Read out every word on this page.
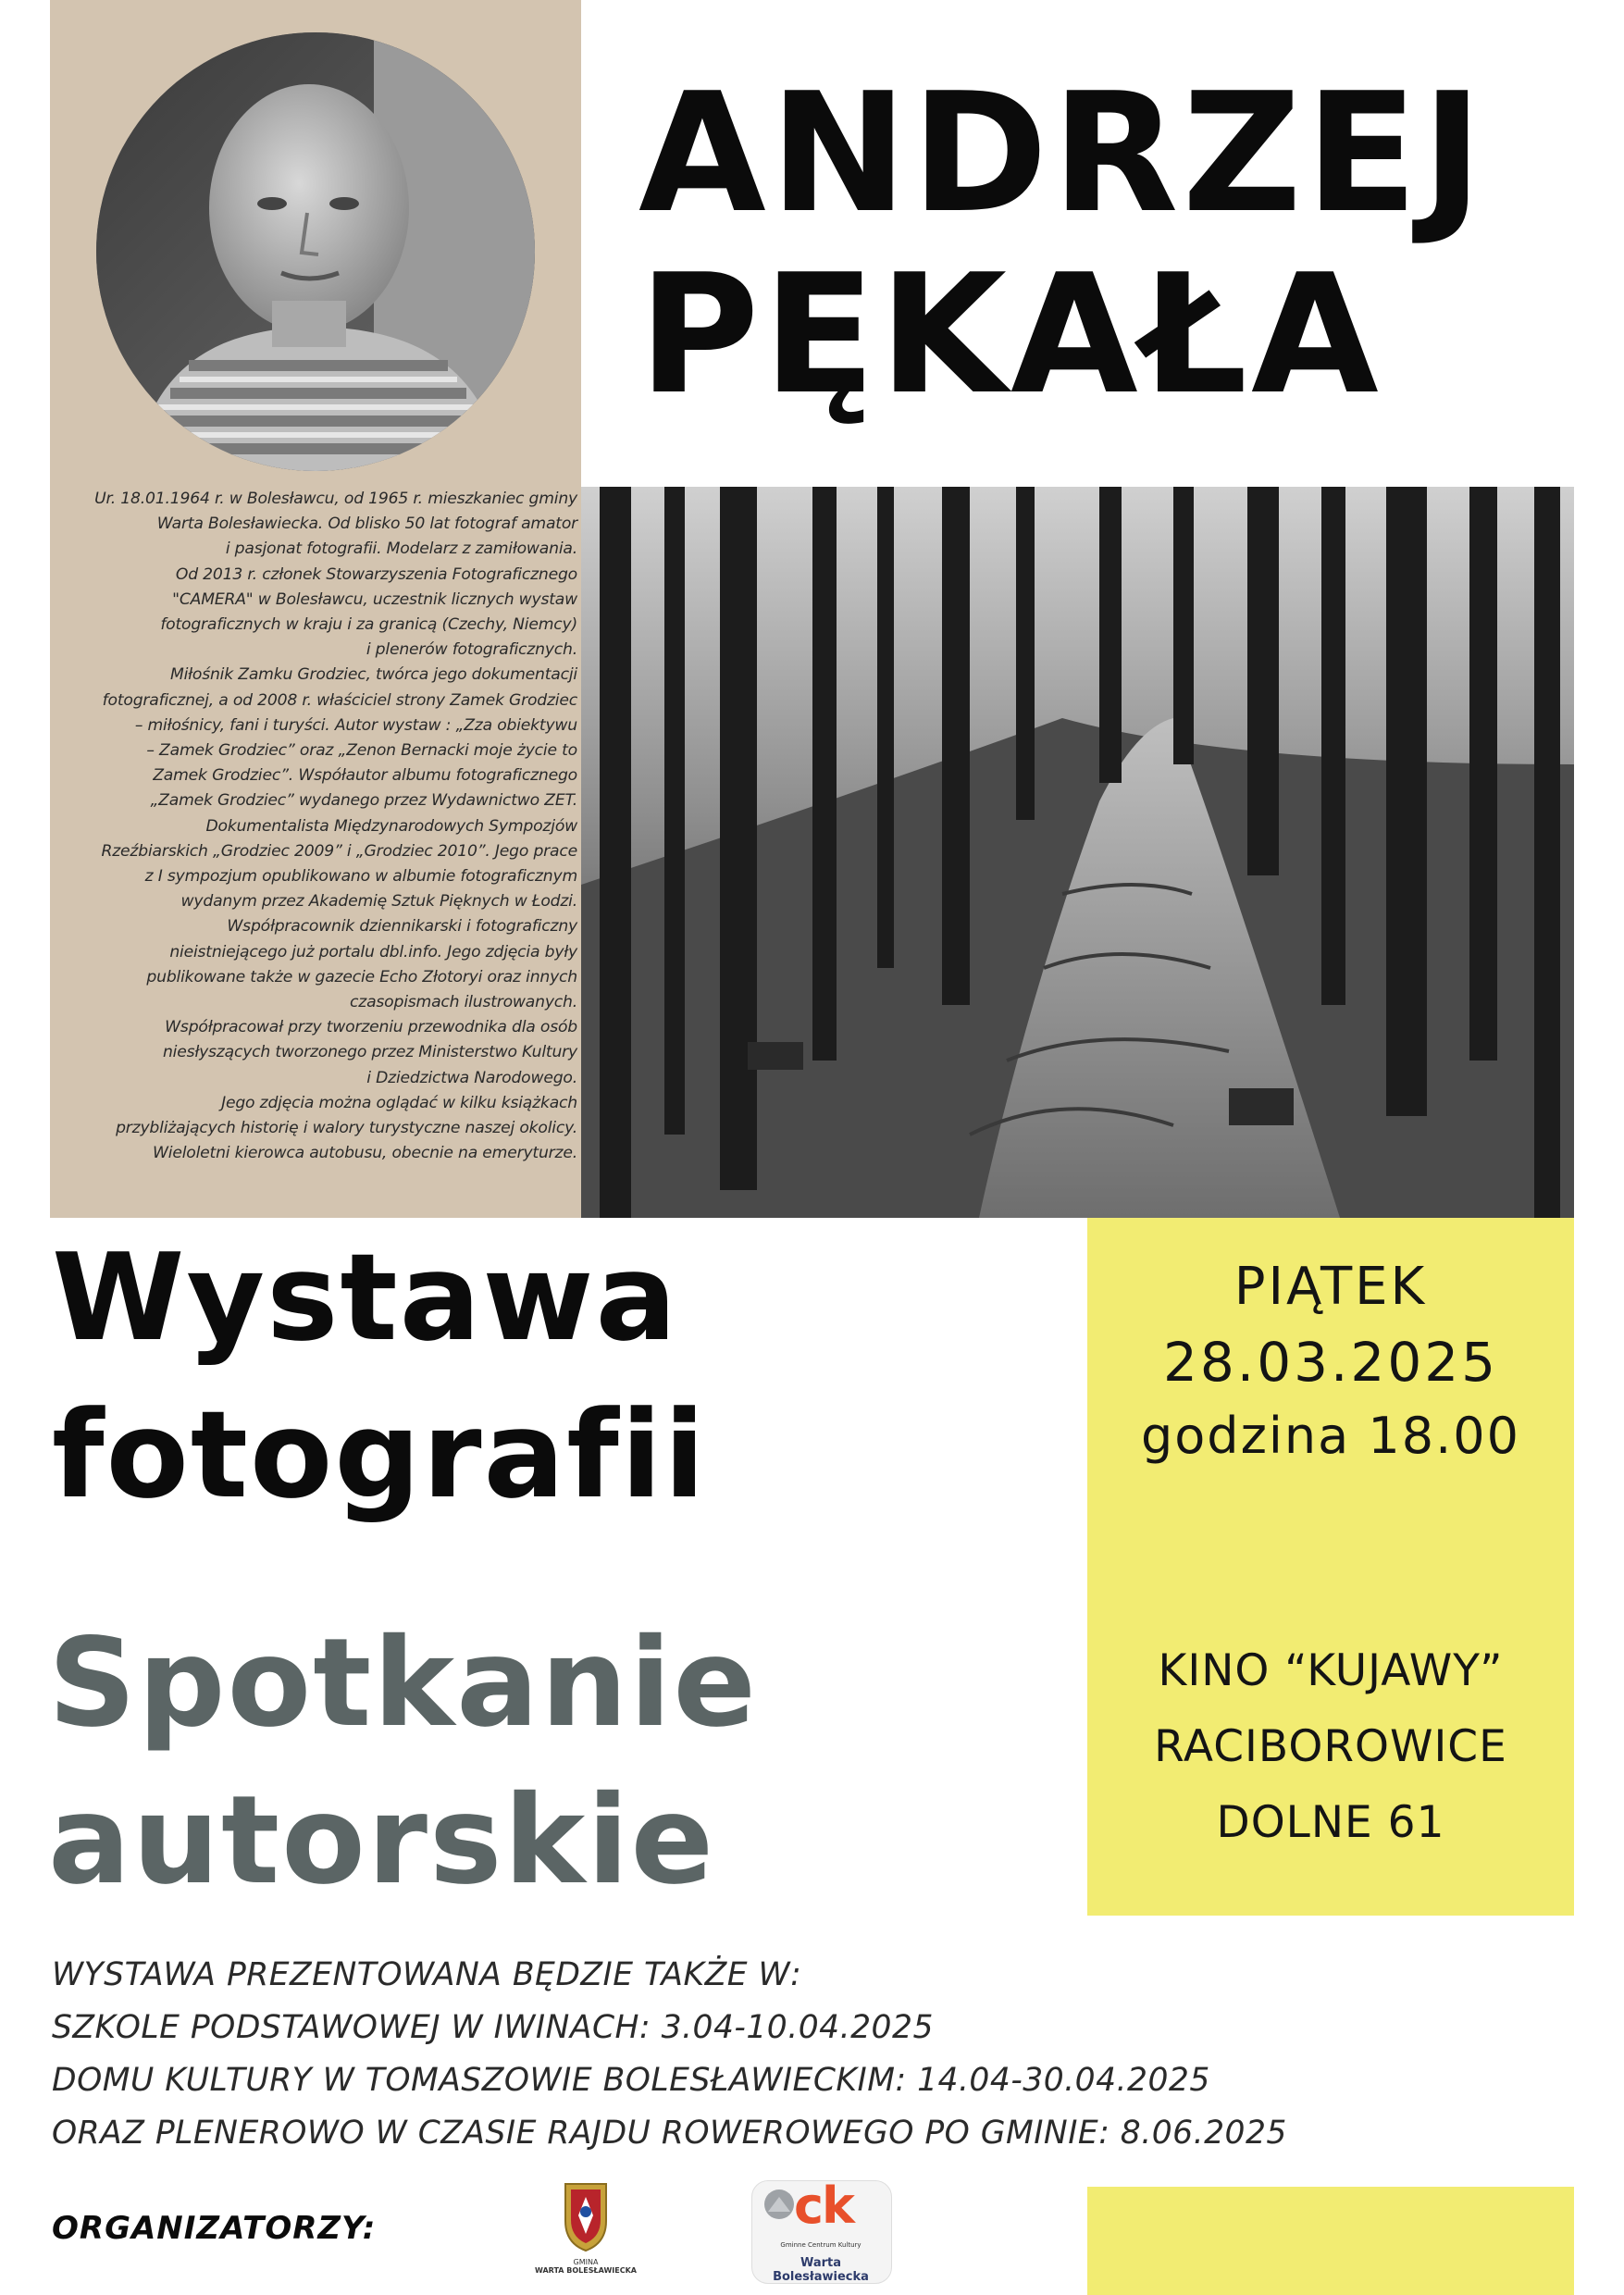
Ur. 18.01.1964 r. w Bolesławcu, od 1965 r. mieszkaniec gminy
Warta Bolesławiecka. Od blisko 50 lat fotograf amator
i pasjonat fotografii. Modelarz z zamiłowania.
Od 2013 r. członek Stowarzyszenia Fotograficznego
"CAMERA" w Bolesławcu, uczestnik licznych wystaw
fotograficznych w kraju i za granicą (Czechy, Niemcy)
i plenerów fotograficznych.
Miłośnik Zamku Grodziec, twórca jego dokumentacji
fotograficznej, a od 2008 r. właściciel strony Zamek Grodziec
– miłośnicy, fani i turyści. Autor wystaw : „Zza obiektywu
– Zamek Grodziec” oraz „Zenon Bernacki moje życie to
Zamek Grodziec”. Współautor albumu fotograficznego
„Zamek Grodziec” wydanego przez Wydawnictwo ZET.
Dokumentalista Międzynarodowych Sympozjów
Rzeźbiarskich „Grodziec 2009” i „Grodziec 2010”. Jego prace
z I sympozjum opublikowano w albumie fotograficznym
wydanym przez Akademię Sztuk Pięknych w Łodzi.
Współpracownik dziennikarski i fotograficzny
nieistniejącego już portalu dbl.info. Jego zdjęcia były
publikowane także w gazecie Echo Złotoryi oraz innych
czasopismach ilustrowanych.
Współpracował przy tworzeniu przewodnika dla osób
niesłyszących tworzonego przez Ministerstwo Kultury
i Dziedzictwa Narodowego.
Jego zdjęcia można oglądać w kilku książkach
przybliżających historię i walory turystyczne naszej okolicy.
Wieloletni kierowca autobusu, obecnie na emeryturze.
ANDRZEJ
PĘKAŁA
PIĄTEK
28.03.2025
godzina 18.00
KINO “KUJAWY”
RACIBOROWICE
DOLNE 61
Wystawa
fotografii
Spotkanie
autorskie
WYSTAWA PREZENTOWANA BĘDZIE TAKŻE W:
SZKOLE PODSTAWOWEJ W IWINACH: 3.04-10.04.2025
DOMU KULTURY W TOMASZOWIE BOLESŁAWIECKIM: 14.04-30.04.2025
ORAZ PLENEROWO W CZASIE RAJDU ROWEROWEGO PO GMINIE: 8.06.2025
ORGANIZATORZY:
GMINA
WARTA BOLESŁAWIECKA
ck
Gminne Centrum Kultury
Warta Bolesławiecka
